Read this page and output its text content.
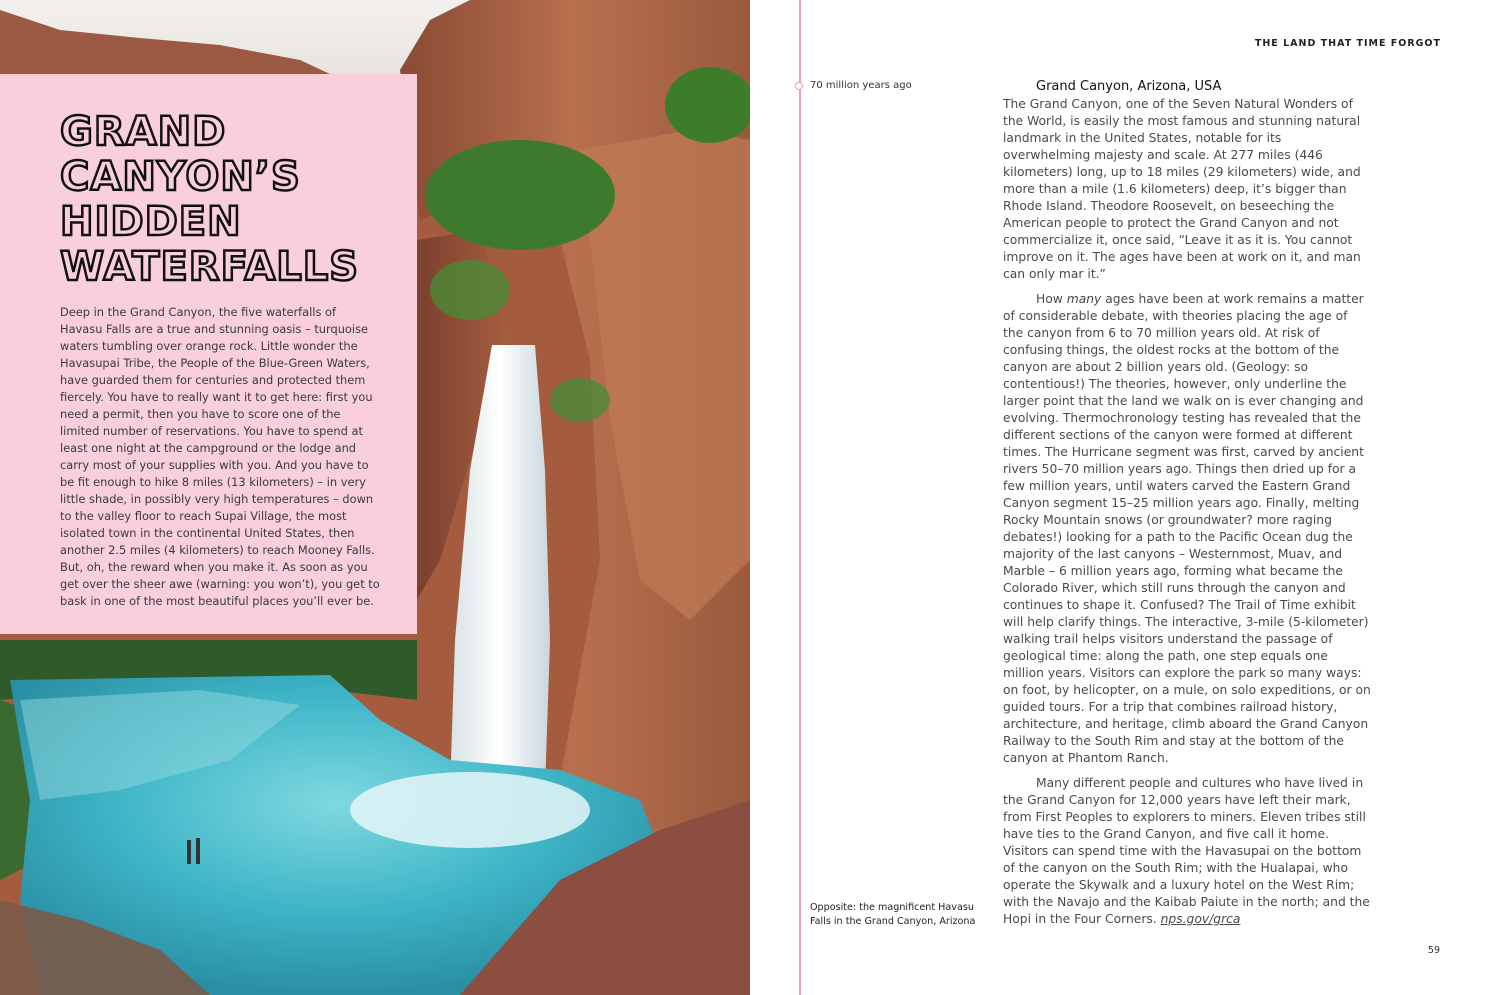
GRAND
CANYON’S
HIDDEN
WATERFALLS

Deep in the Grand Canyon, the five waterfalls of Havasu Falls are a true and stunning oasis – turquoise waters tumbling over orange rock. Little wonder the Havasupai Tribe, the People of the Blue-Green Waters, have guarded them for centuries and protected them fiercely. You have to really want it to get here: first you need a permit, then you have to score one of the limited number of reservations. You have to spend at least one night at the campground or the lodge and carry most of your supplies with you. And you have to be fit enough to hike 8 miles (13 kilometers) – in very little shade, in possibly very high temperatures – down to the valley floor to reach Supai Village, the most isolated town in the continental United States, then another 2.5 miles (4 kilometers) to reach Mooney Falls. But, oh, the reward when you make it. As soon as you get over the sheer awe (warning: you won’t), you get to bask in one of the most beautiful places you’ll ever be.

THE LAND THAT TIME FORGOT
70 million years ago	Grand Canyon, Arizona, USA

The Grand Canyon, one of the Seven Natural Wonders of the World, is easily the most famous and stunning natural landmark in the United States, notable for its overwhelming majesty and scale. At 277 miles (446 kilometers) long, up to 18 miles (29 kilometers) wide, and more than a mile (1.6 kilometers) deep, it’s bigger than Rhode Island. Theodore Roosevelt, on beseeching the American people to protect the Grand Canyon and not commercialize it, once said, “Leave it as it is. You cannot improve on it. The ages have been at work on it, and man can only mar it.”

How many ages have been at work remains a matter of considerable debate, with theories placing the age of the canyon from 6 to 70 million years old. At risk of confusing things, the oldest rocks at the bottom of the canyon are about 2 billion years old. (Geology: so contentious!) The theories, however, only underline the larger point that the land we walk on is ever changing and evolving. Thermochronology testing has revealed that the different sections of the canyon were formed at different times. The Hurricane segment was first, carved by ancient rivers 50–70 million years ago. Things then dried up for a few million years, until waters carved the Eastern Grand Canyon segment 15–25 million years ago. Finally, melting Rocky Mountain snows (or groundwater? more raging debates!) looking for a path to the Pacific Ocean dug the majority of the last canyons – Westernmost, Muav, and Marble – 6 million years ago, forming what became the Colorado River, which still runs through the canyon and continues to shape it. Confused? The Trail of Time exhibit will help clarify things. The interactive, 3-mile (5-kilometer) walking trail helps visitors understand the passage of geological time: along the path, one step equals one million years. Visitors can explore the park so many ways: on foot, by helicopter, on a mule, on solo expeditions, or on guided tours. For a trip that combines railroad history, architecture, and heritage, climb aboard the Grand Canyon Railway to the South Rim and stay at the bottom of the canyon at Phantom Ranch.

Many different people and cultures who have lived in the Grand Canyon for 12,000 years have left their mark, from First Peoples to explorers to miners. Eleven tribes still have ties to the Grand Canyon, and five call it home. Visitors can spend time with the Havasupai on the bottom of the canyon on the South Rim; with the Hualapai, who operate the Skywalk and a luxury hotel on the West Rim; with the Navajo and the Kaibab Paiute in the north; and the Hopi in the Four Corners. nps.gov/grca

Opposite: the magnificent Havasu Falls in the Grand Canyon, Arizona
59
